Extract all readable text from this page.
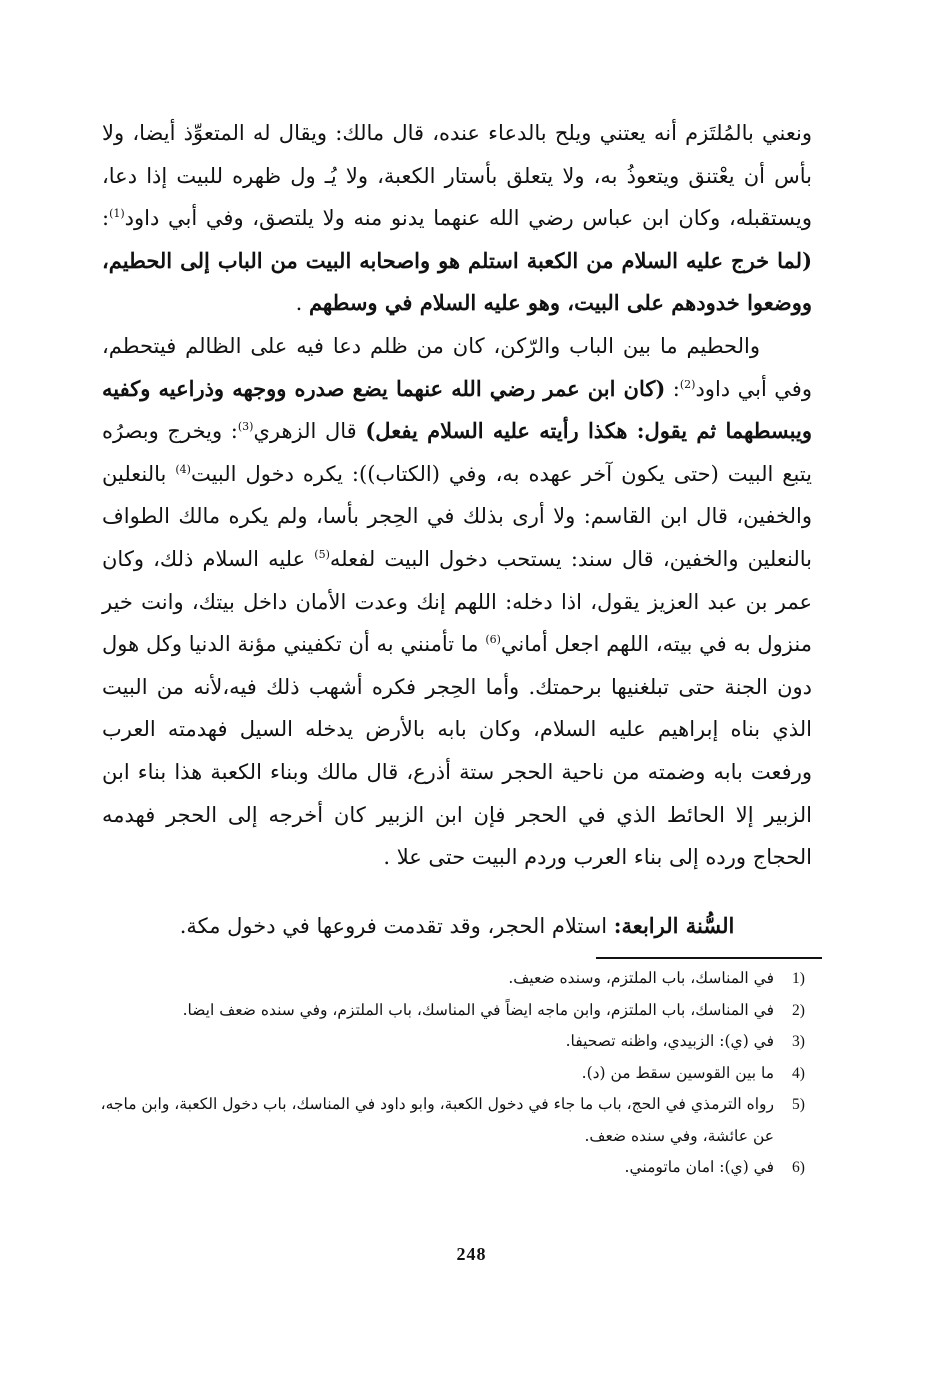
ونعني بالمُلتَزم أنه يعتني ويلح بالدعاء عنده، قال مالك: ويقال له المتعوِّذ أيضا، ولا بأس أن يعْتنق ويتعوذُ به، ولا يتعلق بأستار الكعبة، ولا يُـ ول ظهره للبيت إذا دعا، ويستقبله، وكان ابن عباس رضي الله عنهما يدنو منه ولا يلتصق، وفي أبي داود$^{(1)}$: (لما خرج عليه السلام من الكعبة استلم هو واصحابه البيت من الباب إلى الحطيم، ووضعوا خدودهم على البيت، وهو عليه السلام في وسطهم .

والحطيم ما بين الباب والرّكن، كان من ظلم دعا فيه على الظالم فيتحطم، وفي أبي داود$^{(2)}$: (كان ابن عمر رضي الله عنهما يضع صدره ووجهه وذراعيه وكفيه ويبسطهما ثم يقول: هكذا رأيته عليه السلام يفعل) قال الزهري$^{(3)}$: ويخرج وبصرُه يتبع البيت (حتى يكون آخر عهده به، وفي (الكتاب)): يكره دخول البيت$^{(4)}$ بالنعلين والخفين، قال ابن القاسم: ولا أرى بذلك في الحِجر بأسا، ولم يكره مالك الطواف بالنعلين والخفين، قال سند: يستحب دخول البيت لفعله$^{(5)}$ عليه السلام ذلك، وكان عمر بن عبد العزيز يقول، اذا دخله: اللهم إنك وعدت الأمان داخل بيتك، وانت خير منزول به في بيته، اللهم اجعل أماني$^{(6)}$ ما تأمنني به أن تكفيني مؤنة الدنيا وكل هول دون الجنة حتى تبلغنيها برحمتك. وأما الحِجر فكره أشهب ذلك فيه،لأنه من البيت الذي بناه إبراهيم عليه السلام، وكان بابه بالأرض يدخله السيل فهدمته العرب ورفعت بابه وضمته من ناحية الحجر ستة أذرع، قال مالك وبناء الكعبة هذا بناء ابن الزبير إلا الحائط الذي في الحجر فإن ابن الزبير كان أخرجه إلى الحجر فهدمه الحجاج ورده إلى بناء العرب وردم البيت حتى علا .

السُّنة الرابعة: استلام الحجر، وقد تقدمت فروعها في دخول مكة.
1)
في المناسك، باب الملتزم، وسنده ضعيف.
2)
في المناسك، باب الملتزم، وابن ماجه ايضاً في المناسك، باب الملتزم، وفي سنده ضعف ايضا.
3)
في (ي): الزبيدي، واظنه تصحيفا.
4)
ما بين القوسين سقط من (د).
5)
رواه الترمذي في الحج، باب ما جاء في دخول الكعبة، وابو داود في المناسك، باب دخول الكعبة، وابن ماجه، عن عائشة، وفي سنده ضعف.
6)
في (ي): امان ماتومني.
248
